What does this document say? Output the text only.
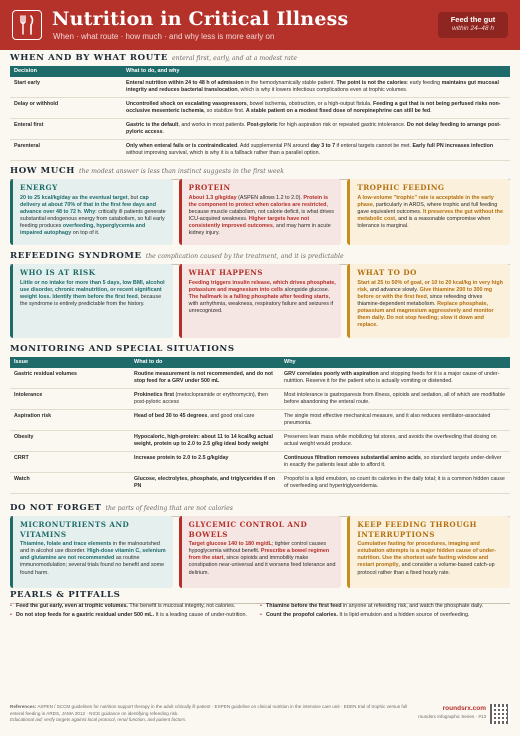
Nutrition in Critical Illness
When · what route · how much · and why less is more early on
Feed the gut
within 24–48 h
WHEN AND BY WHAT ROUTE enteral first, early, and at a modest rate
Decision	What to do, and why
Start early	Enteral nutrition within 24 to 48 h of admission in the hemodynamically stable patient. The point is not the calories: early feeding maintains gut mucosal integrity and reduces bacterial translocation, which is why it lowers infectious complications even at trophic volumes.
Delay or withhold	Uncontrolled shock on escalating vasopressors, bowel ischemia, obstruction, or a high-output fistula. Feeding a gut that is not being perfused risks non-occlusive mesenteric ischemia, so stabilize first. A stable patient on a modest fixed dose of norepinephrine can still be fed.
Enteral first	Gastric is the default, and works in most patients. Post-pyloric for high aspiration risk or repeated gastric intolerance. Do not delay feeding to arrange post-pyloric access.
Parenteral	Only when enteral fails or is contraindicated. Add supplemental PN around day 3 to 7 if enteral targets cannot be met. Early full PN increases infection without improving survival, which is why it is a fallback rather than a parallel option.
HOW MUCH the modest answer is less than instinct suggests in the first week
ENERGY
20 to 25 kcal/kg/day as the eventual target, but cap delivery at about 70% of that in the first few days and advance over 48 to 72 h. Why: critically ill patients generate substantial endogenous energy from catabolism, so full early feeding produces overfeeding, hyperglycemia and impaired autophagy on top of it.
PROTEIN
About 1.3 g/kg/day (ASPEN allows 1.2 to 2.0). Protein is the component to protect when calories are restricted, because muscle catabolism, not calorie deficit, is what drives ICU-acquired weakness. Higher targets have not consistently improved outcomes, and may harm in acute kidney injury.
TROPHIC FEEDING
A low-volume "trophic" rate is acceptable in the early phase, particularly in ARDS, where trophic and full feeding gave equivalent outcomes. It preserves the gut without the metabolic cost, and is a reasonable compromise when tolerance is marginal.
REFEEDING SYNDROME the complication caused by the treatment, and it is predictable
WHO IS AT RISK
Little or no intake for more than 5 days, low BMI, alcohol use disorder, chronic malnutrition, or recent significant weight loss. Identify them before the first feed, because the syndrome is entirely predictable from the history.
WHAT HAPPENS
Feeding triggers insulin release, which drives phosphate, potassium and magnesium into cells alongside glucose. The hallmark is a falling phosphate after feeding starts, with arrhythmia, weakness, respiratory failure and seizures if unrecognized.
WHAT TO DO
Start at 25 to 50% of goal, or 10 to 20 kcal/kg in very high risk, and advance slowly. Give thiamine 200 to 300 mg before or with the first feed, since refeeding drives thiamine-dependent metabolism. Replace phosphate, potassium and magnesium aggressively and monitor them daily. Do not stop feeding; slow it down and replace.
MONITORING AND SPECIAL SITUATIONS
Issue	What to do	Why
Gastric residual volumes	Routine measurement is not recommended, and do not stop feed for a GRV under 500 mL	GRV correlates poorly with aspiration and stopping feeds for it is a major cause of under-nutrition. Reserve it for the patient who is actually vomiting or distended.
Intolerance	Prokinetics first (metoclopramide or erythromycin), then post-pyloric access	Most intolerance is gastroparesis from illness, opioids and sedation, all of which are modifiable before abandoning the enteral route.
Aspiration risk	Head of bed 30 to 45 degrees, and good oral care	The single most effective mechanical measure, and it also reduces ventilator-associated pneumonia.
Obesity	Hypocaloric, high-protein: about 11 to 14 kcal/kg actual weight, protein up to 2.0 to 2.5 g/kg ideal body weight	Preserves lean mass while mobilizing fat stores, and avoids the overfeeding that dosing on actual weight would produce.
CRRT	Increase protein to 2.0 to 2.5 g/kg/day	Continuous filtration removes substantial amino acids, so standard targets under-deliver in exactly the patients least able to afford it.
Watch	Glucose, electrolytes, phosphate, and triglycerides if on PN	Propofol is a lipid emulsion, so count its calories in the daily total; it is a common hidden cause of overfeeding and hypertriglyceridemia.
DO NOT FORGET the parts of feeding that are not calories
MICRONUTRIENTS AND VITAMINS
Thiamine, folate and trace elements in the malnourished and in alcohol use disorder. High-dose vitamin C, selenium and glutamine are not recommended as routine immunomodulation; several trials found no benefit and some found harm.
GLYCEMIC CONTROL AND BOWELS
Target glucose 140 to 180 mg/dL; tighter control causes hypoglycemia without benefit. Prescribe a bowel regimen from the start, since opioids and immobility make constipation near-universal and it worsens feed tolerance and delirium.
KEEP FEEDING THROUGH INTERRUPTIONS
Cumulative fasting for procedures, imaging and extubation attempts is a major hidden cause of under-nutrition. Use the shortest safe fasting window and restart promptly, and consider a volume-based catch-up protocol rather than a fixed hourly rate.
PEARLS & PITFALLS
• Feed the gut early, even at trophic volumes. The benefit is mucosal integrity, not calories.
• Do not stop feeds for a gastric residual under 500 mL. It is a leading cause of under-nutrition.
• Thiamine before the first feed in anyone at refeeding risk, and watch the phosphate daily.
• Count the propofol calories. It is lipid emulsion and a hidden source of overfeeding.
References: ASPEN / SCCM guidelines for nutrition support therapy in the adult critically ill patient · ESPEN guideline on clinical nutrition in the intensive care unit · EDEN trial of trophic versus full enteral feeding in ARDS, JAMA 2012 · NICE guidance on identifying refeeding risk.
Educational aid; verify targets against local protocol, renal function, and patient factors.
roundsrx.com
roundsrx Infographic Series · #13
